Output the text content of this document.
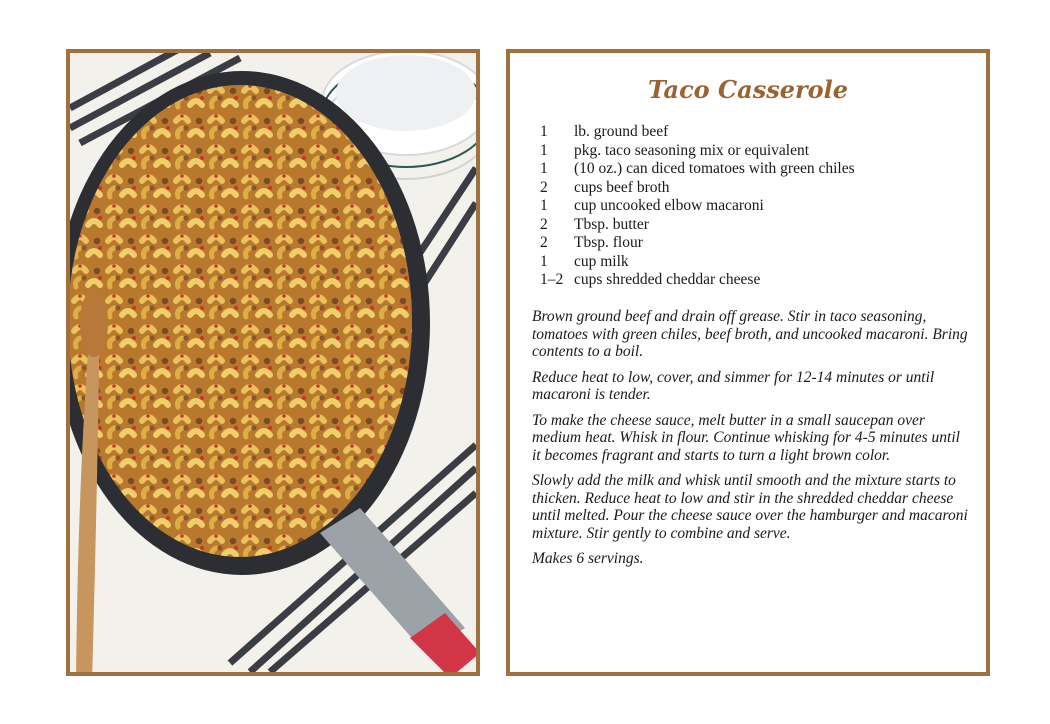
Taco Casserole
1	lb. ground beef
1	pkg. taco seasoning mix or equivalent
1	(10 oz.) can diced tomatoes with green chiles
2	cups beef broth
1	cup uncooked elbow macaroni
2	Tbsp. butter
2	Tbsp. flour
1	cup milk
1–2 cups shredded cheddar cheese

Brown ground beef and drain off grease. Stir in taco seasoning, tomatoes with green chiles, beef broth, and uncooked macaroni. Bring contents to a boil.

Reduce heat to low, cover, and simmer for 12-14 minutes or until macaroni is tender.

To make the cheese sauce, melt butter in a small saucepan over medium heat. Whisk in flour. Continue whisking for 4-5 minutes until it becomes fragrant and starts to turn a light brown color.

Slowly add the milk and whisk until smooth and the mixture starts to thicken. Reduce heat to low and stir in the shredded cheddar cheese until melted. Pour the cheese sauce over the hamburger and macaroni mixture. Stir gently to combine and serve.

Makes 6 servings.
